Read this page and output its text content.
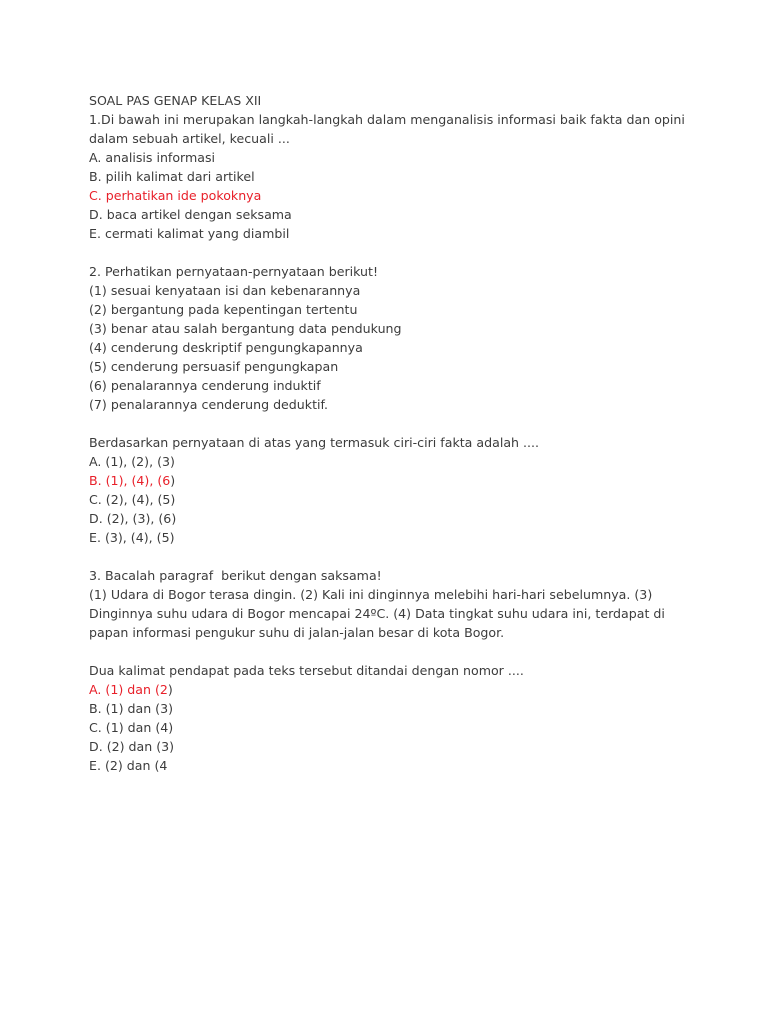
SOAL PAS GENAP KELAS XII
1.Di bawah ini merupakan langkah-langkah dalam menganalisis informasi baik fakta dan opini
dalam sebuah artikel, kecuali ...
A. analisis informasi
B. pilih kalimat dari artikel
C. perhatikan ide pokoknya
D. baca artikel dengan seksama
E. cermati kalimat yang diambil
2. Perhatikan pernyataan-pernyataan berikut!
(1) sesuai kenyataan isi dan kebenarannya
(2) bergantung pada kepentingan tertentu
(3) benar atau salah bergantung data pendukung
(4) cenderung deskriptif pengungkapannya
(5) cenderung persuasif pengungkapan
(6) penalarannya cenderung induktif
(7) penalarannya cenderung deduktif.
Berdasarkan pernyataan di atas yang termasuk ciri-ciri fakta adalah ....
A. (1), (2), (3)
B. (1), (4), (6)
C. (2), (4), (5)
D. (2), (3), (6)
E. (3), (4), (5)
3. Bacalah paragraf  berikut dengan saksama!
(1) Udara di Bogor terasa dingin. (2) Kali ini dinginnya melebihi hari-hari sebelumnya. (3)
Dinginnya suhu udara di Bogor mencapai 24ºC. (4) Data tingkat suhu udara ini, terdapat di
papan informasi pengukur suhu di jalan-jalan besar di kota Bogor.
Dua kalimat pendapat pada teks tersebut ditandai dengan nomor ....
A. (1) dan (2)
B. (1) dan (3)
C. (1) dan (4)
D. (2) dan (3)
E. (2) dan (4
